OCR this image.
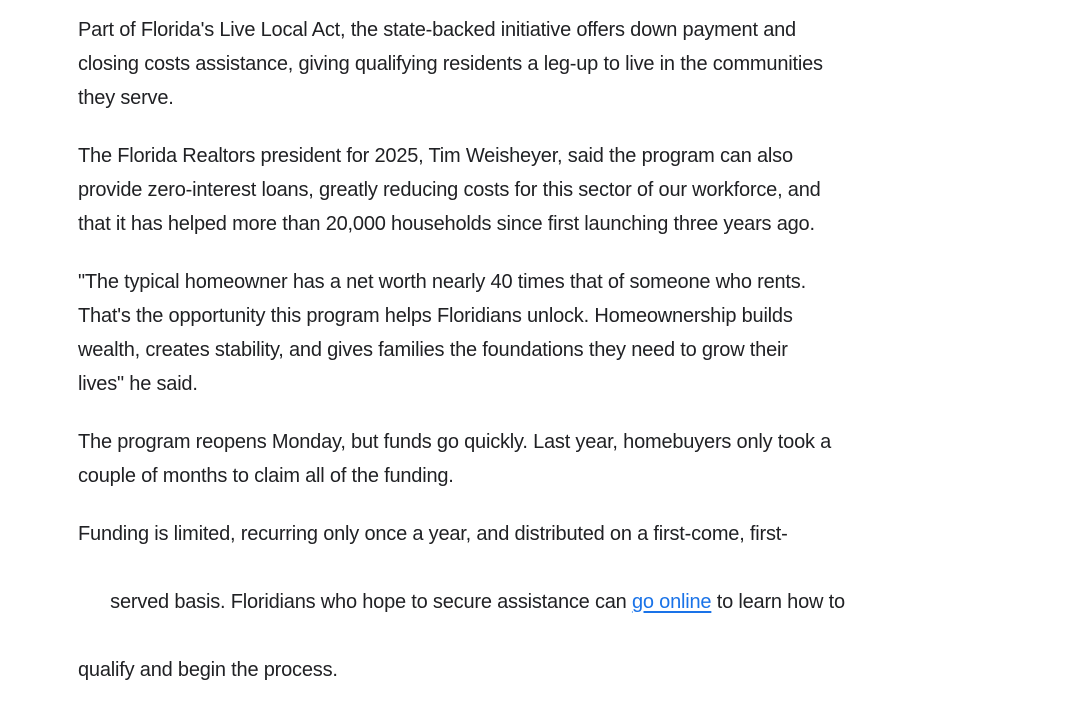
Part of Florida's Live Local Act, the state-backed initiative offers down payment and
closing costs assistance, giving qualifying residents a leg-up to live in the communities
they serve.
The Florida Realtors president for 2025, Tim Weisheyer, said the program can also
provide zero-interest loans, greatly reducing costs for this sector of our workforce, and
that it has helped more than 20,000 households since first launching three years ago.
"The typical homeowner has a net worth nearly 40 times that of someone who rents.
That's the opportunity this program helps Floridians unlock. Homeownership builds
wealth, creates stability, and gives families the foundations they need to grow their
lives" he said.
The program reopens Monday, but funds go quickly. Last year, homebuyers only took a
couple of months to claim all of the funding.
Funding is limited, recurring only once a year, and distributed on a first-come, first-

served basis. Floridians who hope to secure assistance can go online to learn how to

qualify and begin the process.
